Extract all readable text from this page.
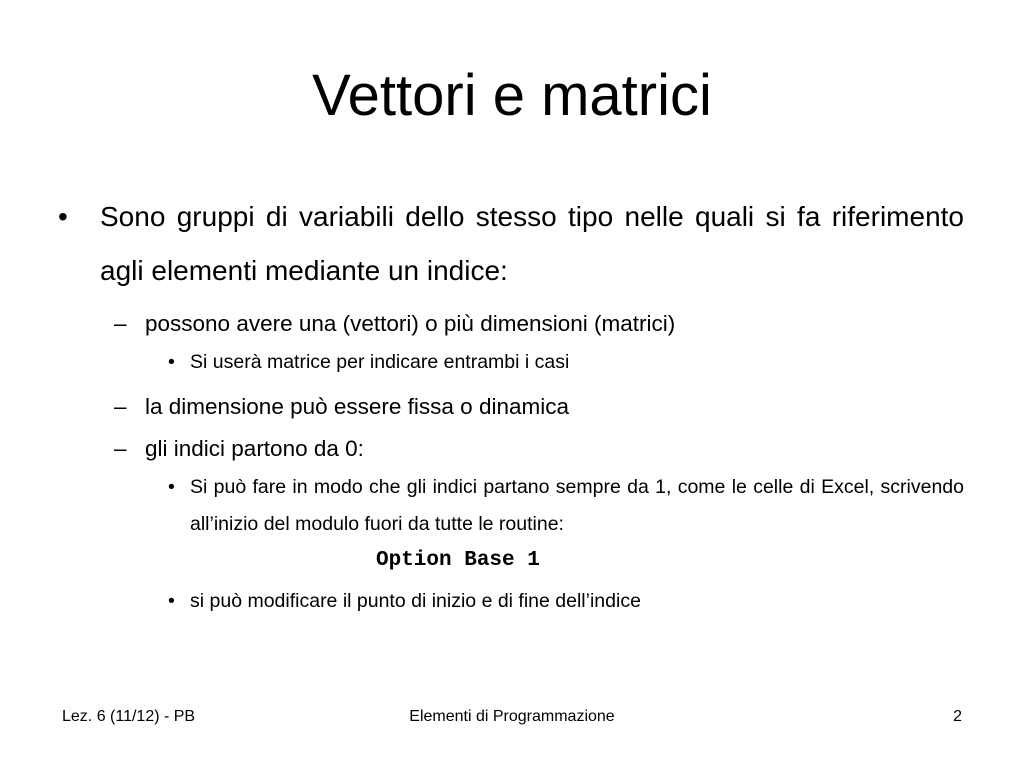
Vettori e matrici
• Sono gruppi di variabili dello stesso tipo nelle quali si fa riferimento agli elementi mediante un indice:
– possono avere una (vettori) o più dimensioni (matrici)
• Si userà matrice per indicare entrambi i casi
– la dimensione può essere fissa o dinamica
– gli indici partono da 0:
• Si può fare in modo che gli indici partano sempre da 1, come le celle di Excel, scrivendo all’inizio del modulo fuori da tutte le routine:
Option Base 1
• si può modificare il punto di inizio e di fine dell’indice
Elementi di Programmazione
Lez. 6 (11/12) - PB	2
